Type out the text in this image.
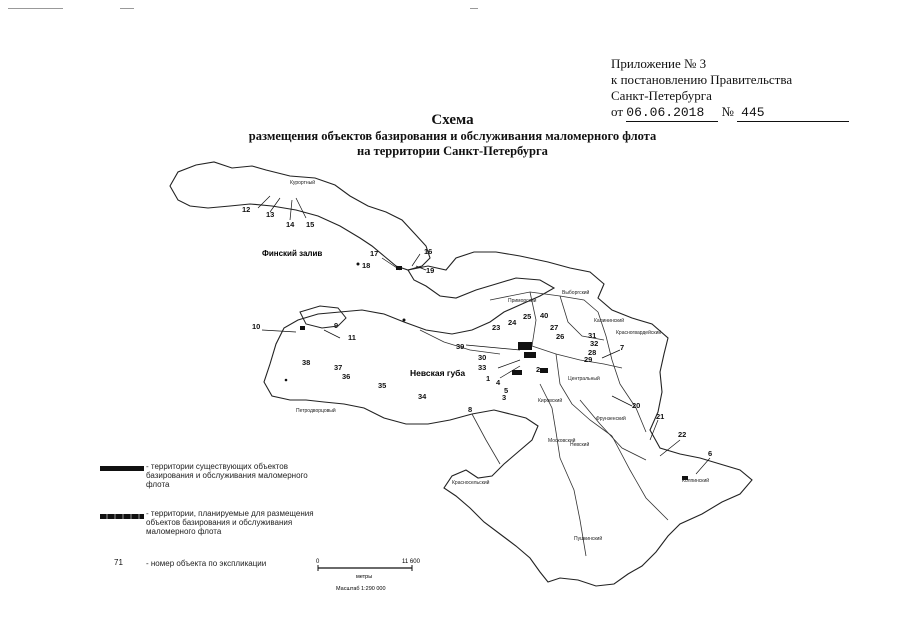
Приложение № 3
к постановлению Правительства
Санкт-Петербурга
от 06.06.2018 № 445
Схема
размещения объектов базирования и обслуживания маломерного флота
на территории Санкт-Петербурга
Финский залив
Невская губа
Курортный
Приморский
Выборгский
Калининский
Красногвардейский
Центральный
Кировский
Фрунзенский
Московский
Невский
Петродворцовый
Красносельский	Колпинский
Пушкинский
1
2
3
4
5
6
7
8
10
11
12
13
14 15
16
17
18
19
20
21
22
23
24
25
26
27
28
29
30
31
32
33
34
35
36
37
38
39
40
9
0	11 600
метры
Масштаб 1:290 000
- территории существующих объектов базирования и обслуживания маломерного флота
- территории, планируемые для размещения объектов базирования и обслуживания маломерного флота
71	- номер объекта по экспликации
